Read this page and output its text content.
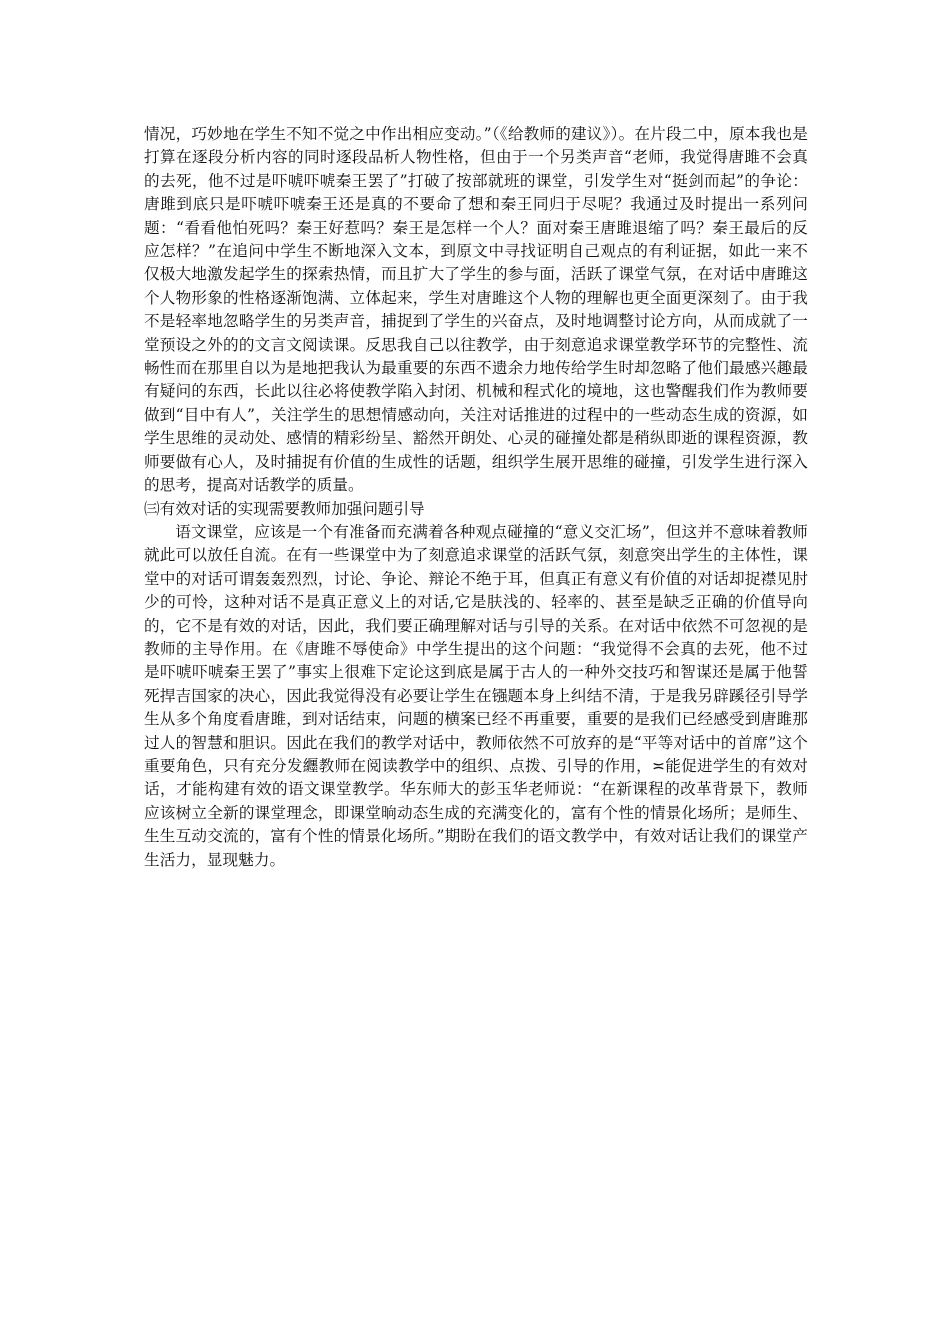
情况，巧妙地在学生不知不觉之中作出相应变动。”（《给教师的建议》）。在片段二中，原本我也是打算在逐段分析内容的同时逐段品析人物性格，但由于一个另类声音“老师，我觉得唐雎不会真的去死，他不过是吓唬吓唬秦王罢了”打破了按部就班的课堂，引发学生对“挺剑而起”的争论：唐雎到底只是吓唬吓唬秦王还是真的不要命了想和秦王同归于尽呢？我通过及时提出一系列问题：“看看他怕死吗？秦王好惹吗？秦王是怎样一个人？面对秦王唐雎退缩了吗？秦王最后的反应怎样？”在追问中学生不断地深入文本，到原文中寻找证明自己观点的有利证据，如此一来不仅极大地激发起学生的探索热情，而且扩大了学生的参与面，活跃了课堂气氛，在对话中唐雎这个人物形象的性格逐渐饱满、立体起来，学生对唐雎这个人物的理解也更全面更深刻了。由于我不是轻率地忽略学生的另类声音，捕捉到了学生的兴奋点，及时地调整讨论方向，从而成就了一堂预设之外的的文言文阅读课。反思我自己以往教学，由于刻意追求课堂教学环节的完整性、流畅性而在那里自以为是地把我认为最重要的东西不遗余力地传给学生时却忽略了他们最感兴趣最有疑问的东西，长此以往必将使教学陷入封闭、机械和程式化的境地，这也警醒我们作为教师要做到“目中有人”，关注学生的思想情感动向，关注对话推进的过程中的一些动态生成的资源，如学生思维的灵动处、感情的精彩纷呈、豁然开朗处、心灵的碰撞处都是稍纵即逝的课程资源，教师要做有心人，及时捕捉有价值的生成性的话题，组织学生展开思维的碰撞，引发学生进行深入的思考，提高对话教学的质量。

㈢有效对话的实现需要教师加强问题引导

语文课堂，应该是一个有准备而充满着各种观点碰撞的“意义交汇场”，但这并不意味着教师就此可以放任自流。在有一些课堂中为了刻意追求课堂的活跃气氛，刻意突出学生的主体性，课堂中的对话可谓轰轰烈烈，讨论、争论、辩论不绝于耳，但真正有意义有价值的对话却捉襟见肘少的可怜，这种对话不是真正意义上的对话,它是肤浅的、轻率的、甚至是缺乏正确的价值导向的，它不是有效的对话，因此，我们要正确理解对话与引导的关系。在对话中依然不可忽视的是教师的主导作用。在《唐雎不辱使命》中学生提出的这个问题：“我觉得不会真的去死，他不过是吓唬吓唬秦王罢了”事实上很难下定论这到底是属于古人的一种外交技巧和智谋还是属于他誓死捍吉国家的决心，因此我觉得没有必要让学生在镪题本身上纠结不清，于是我另辟蹊径引导学生从多个角度看唐雎，到对话结束，问题的横案已经不再重要，重要的是我们已经感受到唐雎那过人的智慧和胆识。因此在我们的教学对话中，教师依然不可放弃的是“平等对话中的首席”这个重要角色，只有充分发纒教师在阅读教学中的组织、点拨、引导的作用，≍能促进学生的有效对话，才能构建有效的语文课堂教学。华东师大的彭玉华老师说：“在新课程的改革背景下，教师应该树立全新的课堂理念，即课堂晌动态生成的充满变化的，富有个性的情景化场所；是师生、生生互动交流的，富有个性的情景化场所。”期盼在我们的语文教学中，有效对话让我们的课堂产生活力，显现魅力。
